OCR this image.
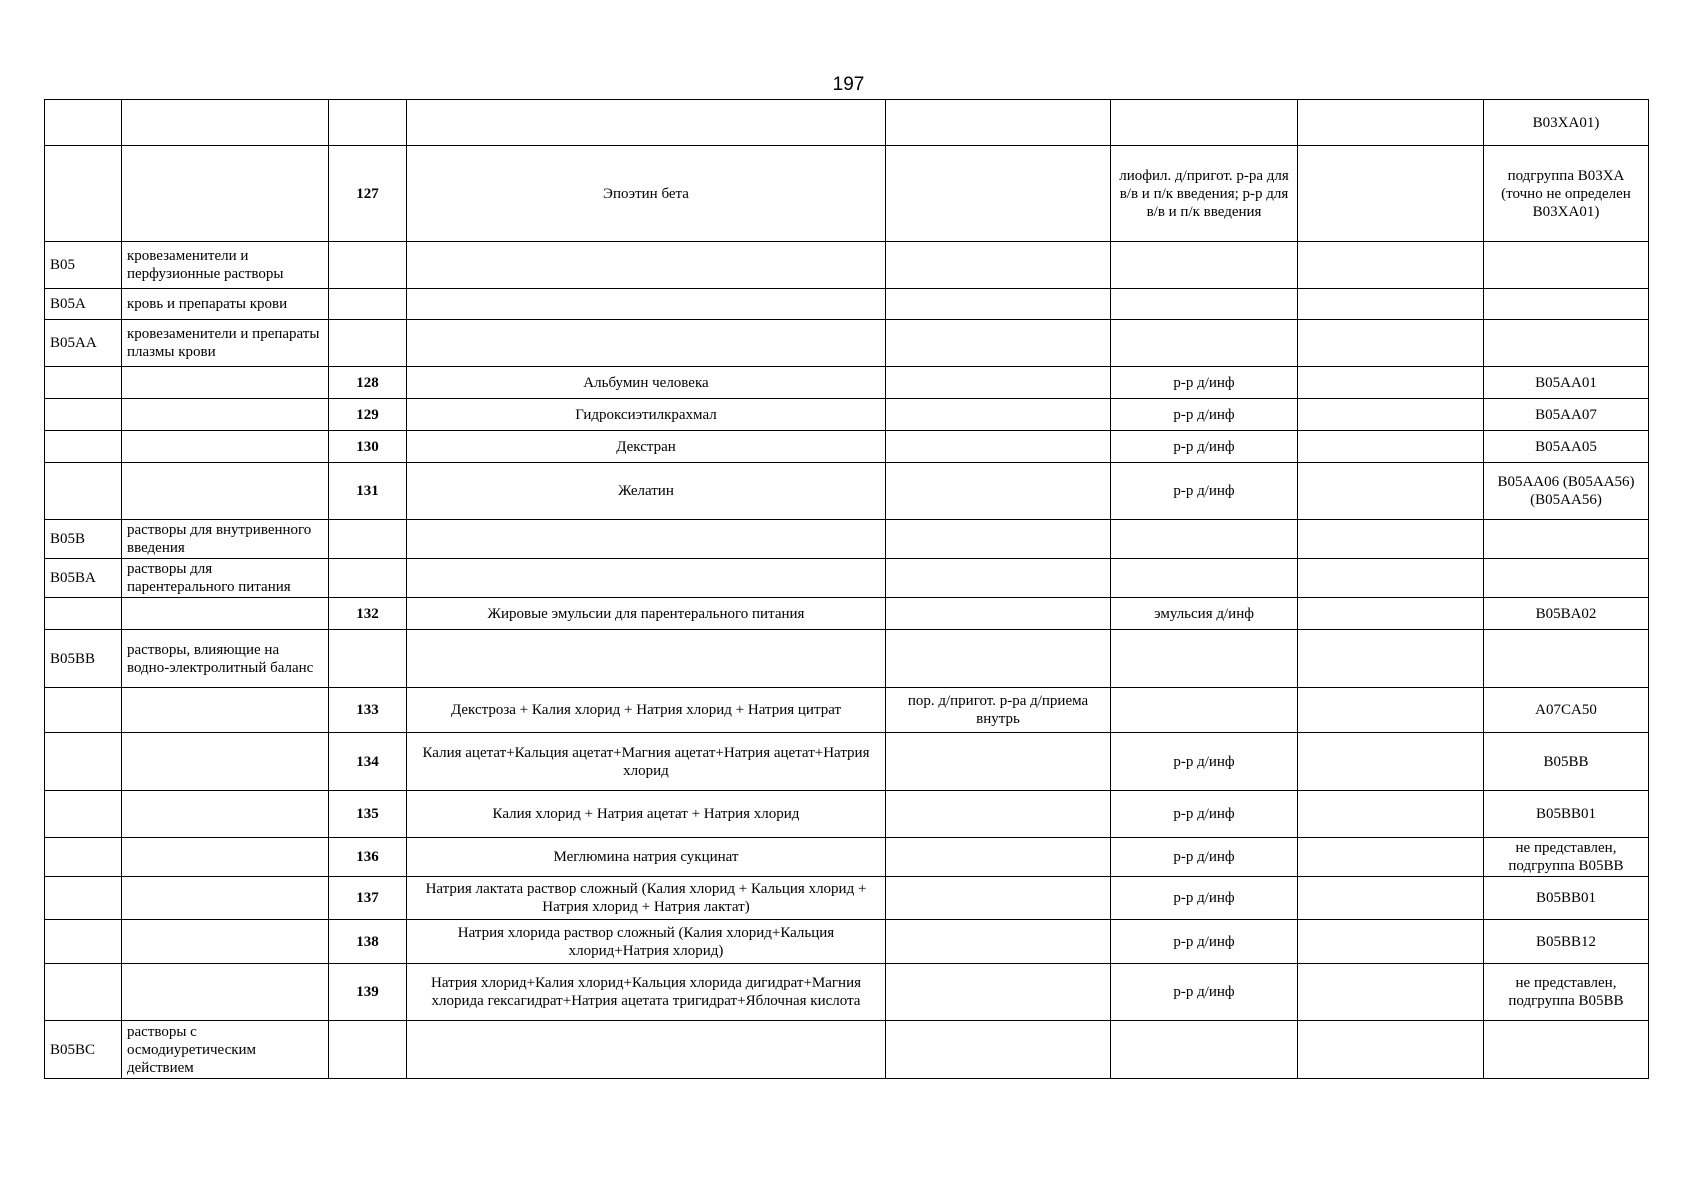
197
							B03XA01)
		127	Эпоэтин бета		лиофил. д/пригот. р-ра для в/в и п/к введения; р-р для в/в и п/к введения		подгруппа B03XA (точно не определен B03XA01)
B05	кровезаменители и перфузионные растворы						
B05A	кровь и препараты крови						
B05AA	кровезаменители и препараты плазмы крови						
		128	Альбумин человека		р-р д/инф		B05AA01
		129	Гидроксиэтилкрахмал		р-р д/инф		B05AA07
		130	Декстран		р-р д/инф		B05AA05
		131	Желатин		р-р д/инф		B05AA06 (B05AA56) (B05AA56)
B05B	растворы для внутривенного введения						
B05BA	растворы для парентерального питания						
		132	Жировые эмульсии для парентерального питания		эмульсия д/инф		B05BA02
B05BB	растворы, влияющие на водно-электролитный баланс						
		133	Декстроза + Калия хлорид + Натрия хлорид + Натрия цитрат	пор. д/пригот. р-ра д/приема внутрь			A07CA50
		134	Калия ацетат+Кальция ацетат+Магния ацетат+Натрия ацетат+Натрия хлорид		р-р д/инф		B05BB
		135	Калия хлорид + Натрия ацетат + Натрия хлорид		р-р д/инф		B05BB01
		136	Меглюмина натрия сукцинат		р-р д/инф		не представлен, подгруппа B05BB
		137	Натрия лактата раствор сложный (Калия хлорид + Кальция хлорид + Натрия хлорид + Натрия лактат)		р-р д/инф		B05BB01
		138	Натрия хлорида раствор сложный (Калия хлорид+Кальция хлорид+Натрия хлорид)		р-р д/инф		B05BB12
		139	Натрия хлорид+Калия хлорид+Кальция хлорида дигидрат+Магния хлорида гексагидрат+Натрия ацетата тригидрат+Яблочная кислота		р-р д/инф		не представлен, подгруппа B05BB
B05BC	растворы с осмодиуретическим действием						
